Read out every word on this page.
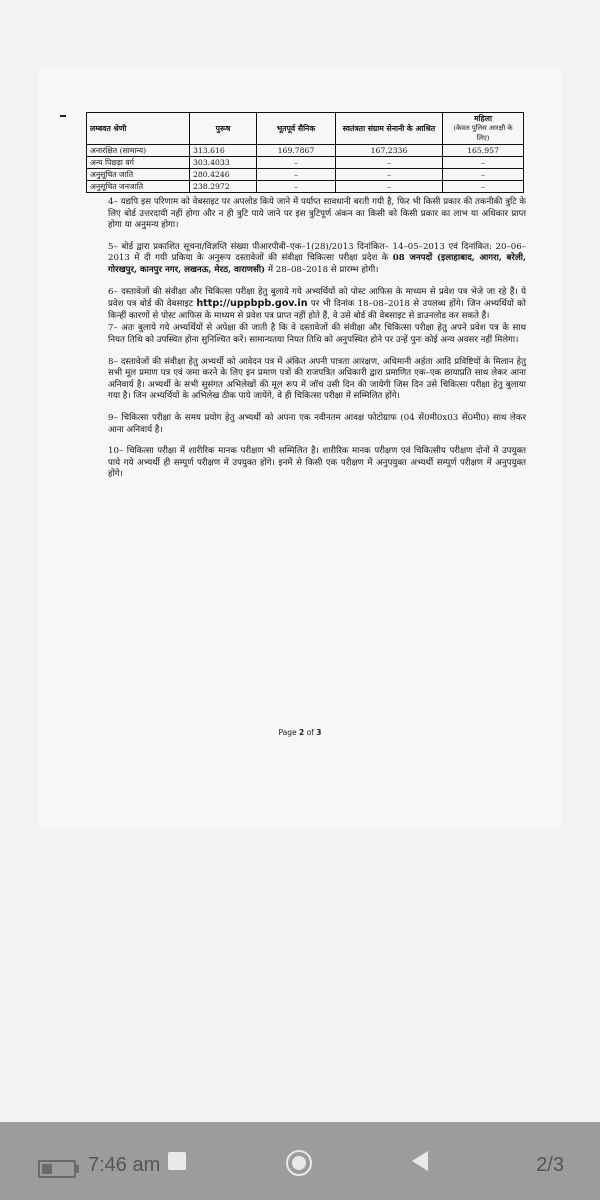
लम्बवत श्रेणी	पुरूष	भूतपूर्व सैनिक	स्वतंत्रता संग्राम सेनानी के आश्रित	महिला
(केवल पुलिस आरक्षी के लिए)
अनारक्षित (सामान्य)	313.616	169.7867	167.2336	165.957
अन्य पिछड़ा वर्ग	303.4033	–	–	–
अनुसूचित जाति	280.4246	–	–	–
अनुसूचित जनजाति	238.2972	–	–	–

4– यद्यपि इस परिणाम को वेबसाइट पर अपलोड किये जाने में पर्याप्त सावधानी बरती गयी है, फिर भी किसी प्रकार की तकनीकी त्रुटि के लिए बोर्ड उत्तरदायी नहीं होगा और न ही त्रुटि पाये जाने पर इस त्रुटिपूर्ण अंकन का किसी को किसी प्रकार का लाभ या अधिकार प्राप्त होगा या अनुमन्य होगा।

5– बोर्ड द्वारा प्रकाशित सूचना/विज्ञप्ति संख्या पीआरपीबी–एक–1(28)/2013 दिनांकित– 14–05–2013 एवं दिनांकित: 20–06–2013 में दी गयी प्रकिया के अनुरूप दस्तावेजों की संवीक्षा चिकित्सा परीक्षा प्रदेश के 08 जनपदों (इलाहाबाद, आगरा, बरेली, गोरखपुर, कानपुर नगर, लखनऊ, मेरठ, वाराणसी) में 28–08–2018 से प्रारम्भ होगी।

6– दस्तावेजों की संवीक्षा और चिकित्सा परीक्षा हेतु बुलाये गये अभ्यर्थियों को पोस्ट आफिस के माध्यम से प्रवेश पत्र भेजे जा रहे हैं। ये प्रवेश पत्र बोर्ड की वेबसाइट http://uppbpb.gov.in पर भी दिनांक 18–08–2018 से उपलब्ध होंगे। जिन अभ्यर्थियों को किन्हीं कारणों से पोस्ट आफिस के माध्यम से प्रवेश पत्र प्राप्त नहीं होते हैं, वे उसे बोर्ड की वेबसाइट से डाउनलोड कर सकते हैं।

7– अतः बुलाये गये अभ्यर्थियों से अपेक्षा की जाती है कि वे दस्तावेजों की संवीक्षा और चिकित्सा परीक्षा हेतु अपने प्रवेश पत्र के साथ नियत तिथि को उपस्थित होना सुनिश्चित करें। सामान्यतया नियत तिथि को अनुपस्थित होने पर उन्हें पुनः कोई अन्य अवसर नहीं मिलेगा।

8– दस्तावेजों की संवीक्षा हेतु अभ्यर्थी को आवेदन पत्र में अंकित अपनी पात्रता आरक्षण, अधिमानी अर्हता आदि प्रविष्टियों के मिलान हेतु सभी मूल प्रमाण पत्र एवं जमा करने के लिए इन प्रमाण पत्रों की राजपत्रित अधिकारी द्वारा प्रमाणित एक–एक छायाप्रति साथ लेकर आना अनिवार्य है। अभ्यर्थी के सभी सुसंगत अभिलेखों की मूल रूप में जॉच उसी दिन की जायेगी जिस दिन उसे चिकित्सा परीक्षा हेतु बुलाया गया है। जिन अभ्यर्थियों के अभिलेख ठीक पाये जायेंगे, वे ही चिकित्सा परीक्षा में सम्मिलित होंगे।

9– चिकित्सा परीक्षा के समय प्रयोग हेतु अभ्यर्थी को अपना एक नवीनतम आवक्ष फोटोग्राफ (04 सें0मी0x03 सें0मी0) साथ लेकर आना अनिवार्य है।

10– चिकित्सा परीक्षा में शारीरिक मानक परीक्षण भी सम्मिलित है। शारीरिक मानक परीक्षण एवं चिकित्सीय परीक्षण दोनों में उपयुक्त पाये गये अभ्यर्थी ही सम्पूर्ण परीक्षण में उपयुक्त होंगे। इनमें से किसी एक परीक्षण में अनुपयुक्त अभ्यर्थी सम्पूर्ण परीक्षण में अनुपयुक्त होंगे।

Page 2 of 3
7:46 am	2/3
